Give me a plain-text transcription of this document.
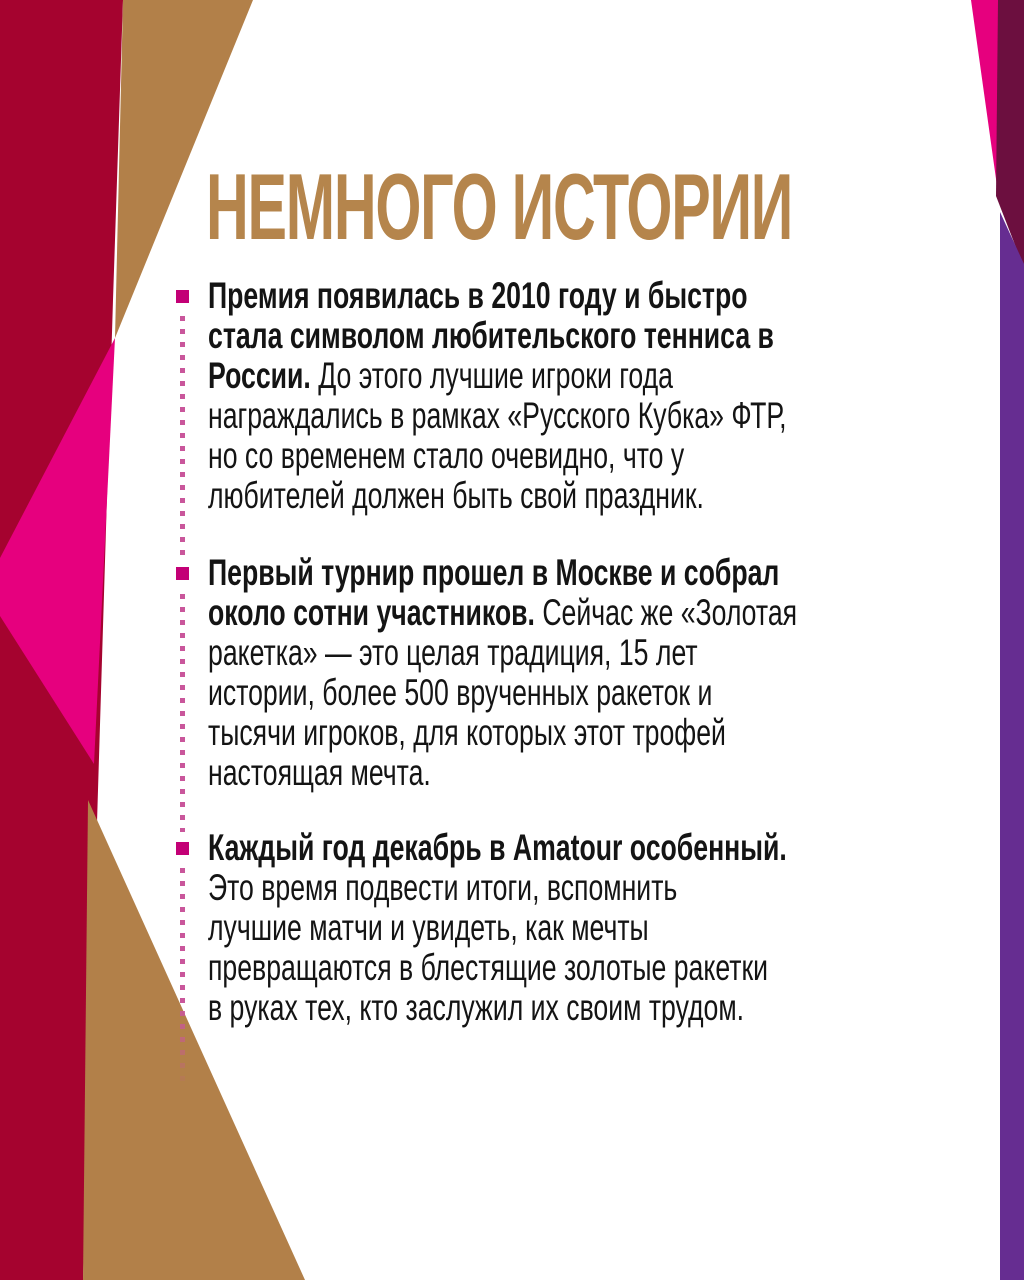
НЕМНОГО ИСТОРИИ
Премия появилась в 2010 году и быстро
стала символом любительского тенниса в
России. До этого лучшие игроки года
награждались в рамках «Русского Кубка» ФТР,
но со временем стало очевидно, что у
любителей должен быть свой праздник.
Первый турнир прошел в Москве и собрал
около сотни участников. Сейчас же «Золотая
ракетка» — это целая традиция, 15 лет
истории, более 500 врученных ракеток и
тысячи игроков, для которых этот трофей
настоящая мечта.
Каждый год декабрь в Amatour особенный.
Это время подвести итоги, вспомнить
лучшие матчи и увидеть, как мечты
превращаются в блестящие золотые ракетки
в руках тех, кто заслужил их своим трудом.
